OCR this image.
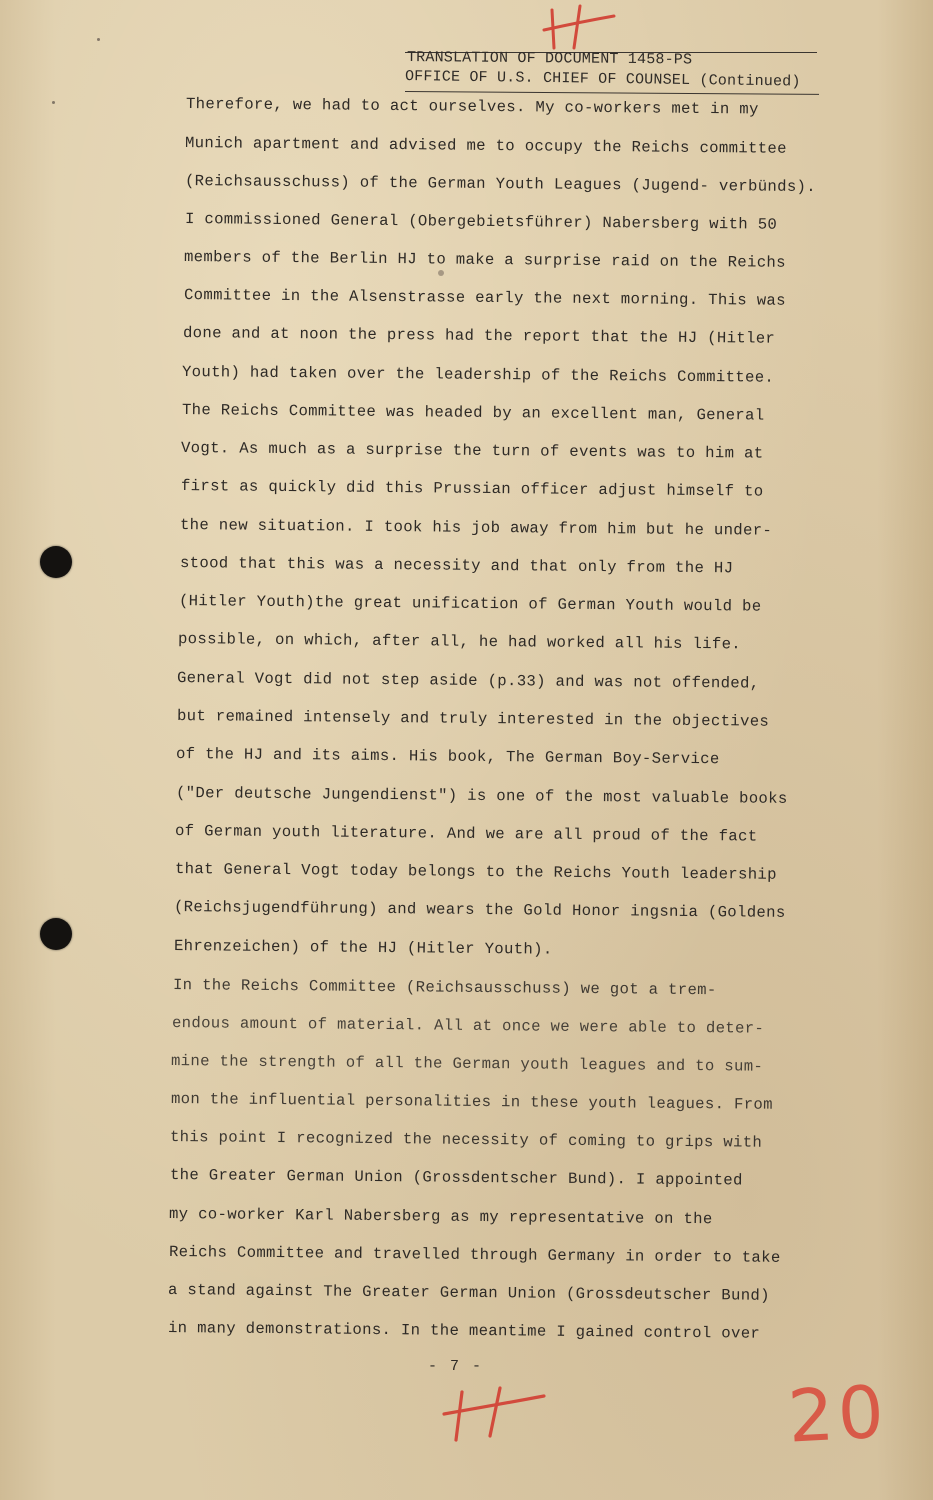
TRANSLATION OF DOCUMENT 1458-PS
OFFICE OF U.S. CHIEF OF COUNSEL (Continued)
Therefore, we had to act ourselves. My co-workers met in my
Munich apartment and advised me to occupy the Reichs committee
(Reichsausschuss) of the German Youth Leagues (Jugend- verbünds).
I commissioned General (Obergebietsführer) Nabersberg with 50
members of the Berlin HJ to make a surprise raid on the Reichs
Committee in the Alsenstrasse early the next morning. This was
done and at noon the press had the report that the HJ (Hitler
Youth) had taken over the leadership of the Reichs Committee.
The Reichs Committee was headed by an excellent man, General
Vogt. As much as a surprise the turn of events was to him at
first as quickly did this Prussian officer adjust himself to
the new situation. I took his job away from him but he under-
stood that this was a necessity and that only from the HJ
(Hitler Youth)the great unification of German Youth would be
possible, on which, after all, he had worked all his life.
General Vogt did not step aside (p.33) and was not offended,
but remained intensely and truly interested in the objectives
of the HJ and its aims. His book, The German Boy-Service
("Der deutsche Jungendienst") is one of the most valuable books
of German youth literature. And we are all proud of the fact
that General Vogt today belongs to the Reichs Youth leadership
(Reichsjugendführung) and wears the Gold Honor ingsnia (Goldens
Ehrenzeichen) of the HJ (Hitler Youth).
In the Reichs Committee (Reichsausschuss) we got a trem-
endous amount of material. All at once we were able to deter-
mine the strength of all the German youth leagues and to sum-
mon the influential personalities in these youth leagues. From
this point I recognized the necessity of coming to grips with
the Greater German Union (Grossdentscher Bund). I appointed
my co-worker Karl Nabersberg as my representative on the
Reichs Committee and travelled through Germany in order to take
a stand against The Greater German Union (Grossdeutscher Bund)
in many demonstrations. In the meantime I gained control over
- 7 -
20
